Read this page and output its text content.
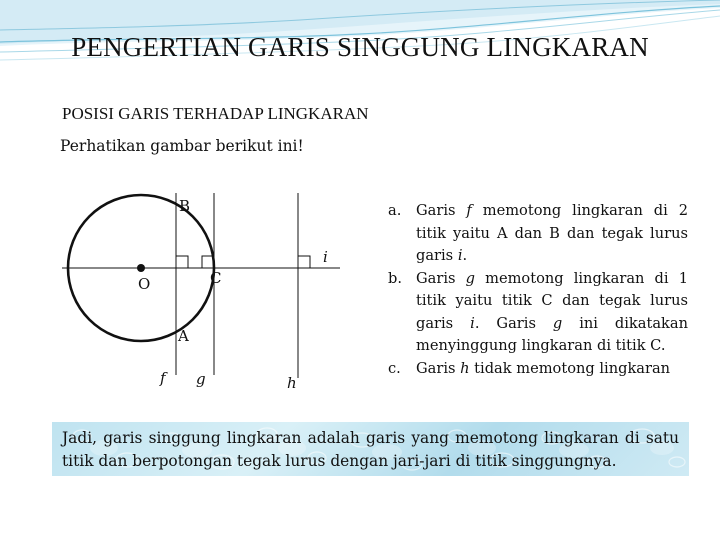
PENGERTIAN GARIS SINGGUNG LINGKARAN
POSISI GARIS TERHADAP LINGKARAN
Perhatikan gambar berikut ini!
B
C
O
A
f g	h
i
a.	Garis f memotong lingkaran di 2 titik yaitu A dan B dan tegak lurus garis i.
b. Garis g memotong lingkaran di 1 titik yaitu titik C dan tegak lurus garis i. Garis g ini dikatakan menyinggung lingkaran di titik C.
c.	Garis h tidak memotong lingkaran
Jadi, garis singgung lingkaran adalah garis yang memotong lingkaran di satu titik dan berpotongan tegak lurus dengan jari-jari di titik singgungnya.
